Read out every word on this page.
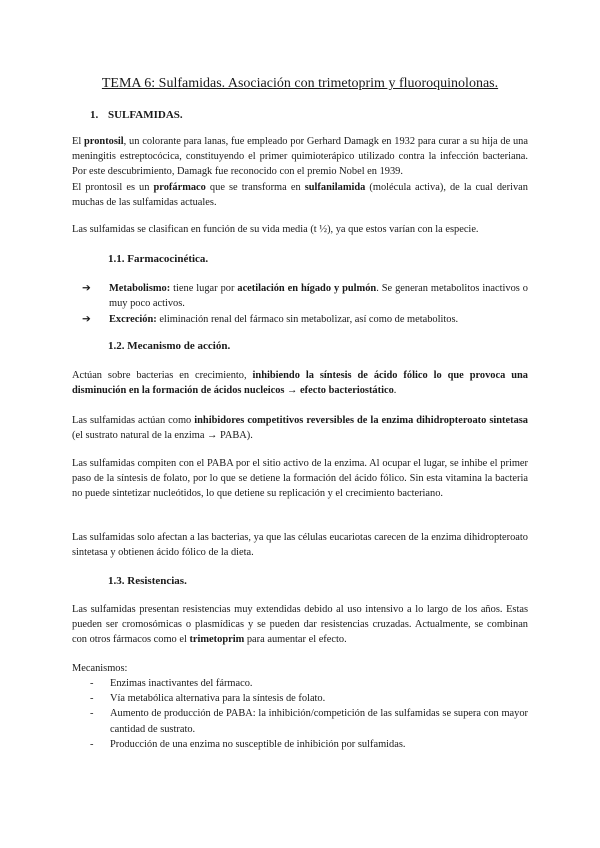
TEMA 6: Sulfamidas. Asociación con trimetoprim y fluoroquinolonas.
1. SULFAMIDAS.

El prontosil, un colorante para lanas, fue empleado por Gerhard Damagk en 1932 para curar a su hija de una meningitis estreptocócica, constituyendo el primer quimioterápico utilizado contra la infección bacteriana. Por este descubrimiento, Damagk fue reconocido con el premio Nobel en 1939.

El prontosil es un profármaco que se transforma en sulfanilamida (molécula activa), de la cual derivan muchas de las sulfamidas actuales.

Las sulfamidas se clasifican en función de su vida media (t ½), ya que estos varían con la especie.

1.1. Farmacocinética.
➔ Metabolismo: tiene lugar por acetilación en hígado y pulmón. Se generan metabolitos inactivos o muy poco activos.
➔ Excreción: eliminación renal del fármaco sin metabolizar, así como de metabolitos.
1.2. Mecanismo de acción.

Actúan sobre bacterias en crecimiento, inhibiendo la síntesis de ácido fólico lo que provoca una disminución en la formación de ácidos nucleicos → efecto bacteriostático.

Las sulfamidas actúan como inhibidores competitivos reversibles de la enzima dihidropteroato sintetasa (el sustrato natural de la enzima → PABA).

Las sulfamidas compiten con el PABA por el sitio activo de la enzima. Al ocupar el lugar, se inhibe el primer paso de la síntesis de folato, por lo que se detiene la formación del ácido fólico. Sin esta vitamina la bacteria no puede sintetizar nucleótidos, lo que detiene su replicación y el crecimiento bacteriano.

Las sulfamidas solo afectan a las bacterias, ya que las células eucariotas carecen de la enzima dihidropteroato sintetasa y obtienen ácido fólico de la dieta.

1.3. Resistencias.

Las sulfamidas presentan resistencias muy extendidas debido al uso intensivo a lo largo de los años. Estas pueden ser cromosómicas o plasmídicas y se pueden dar resistencias cruzadas. Actualmente, se combinan con otros fármacos como el trimetoprim para aumentar el efecto.

Mecanismos:

- Enzimas inactivantes del fármaco.
- Vía metabólica alternativa para la síntesis de folato.
- Aumento de producción de PABA: la inhibición/competición de las sulfamidas se supera con mayor cantidad de sustrato.
- Producción de una enzima no susceptible de inhibición por sulfamidas.
